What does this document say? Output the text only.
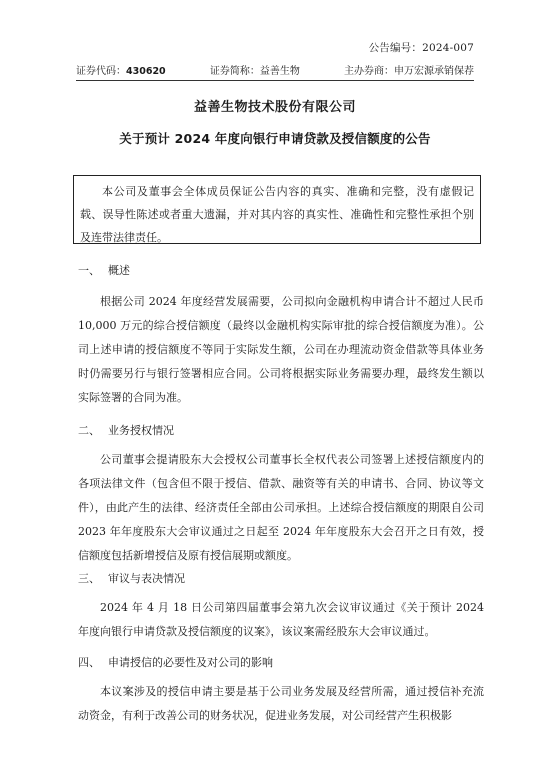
公告编号：2024-007
证券代码：430620	证券简称：益善生物	主办券商：申万宏源承销保荐
益善生物技术股份有限公司
关于预计 2024 年度向银行申请贷款及授信额度的公告
本公司及董事会全体成员保证公告内容的真实、准确和完整，没有虚假记载、误导性陈述或者重大遗漏，并对其内容的真实性、准确性和完整性承担个别及连带法律责任。
一、 概述
根据公司 2024 年度经营发展需要，公司拟向金融机构申请合计不超过人民币 10,000 万元的综合授信额度（最终以金融机构实际审批的综合授信额度为准）。公司上述申请的授信额度不等同于实际发生额，公司在办理流动资金借款等具体业务时仍需要另行与银行签署相应合同。公司将根据实际业务需要办理，最终发生额以实际签署的合同为准。
二、 业务授权情况
公司董事会提请股东大会授权公司董事长全权代表公司签署上述授信额度内的各项法律文件（包含但不限于授信、借款、融资等有关的申请书、合同、协议等文件），由此产生的法律、经济责任全部由公司承担。上述综合授信额度的期限自公司 2023 年年度股东大会审议通过之日起至 2024 年年度股东大会召开之日有效，授信额度包括新增授信及原有授信展期或额度。
三、 审议与表决情况
2024 年 4 月 18 日公司第四届董事会第九次会议审议通过《关于预计 2024 年度向银行申请贷款及授信额度的议案》，该议案需经股东大会审议通过。
四、 申请授信的必要性及对公司的影响
本议案涉及的授信申请主要是基于公司业务发展及经营所需，通过授信补充流动资金，有利于改善公司的财务状况，促进业务发展，对公司经营产生积极影
